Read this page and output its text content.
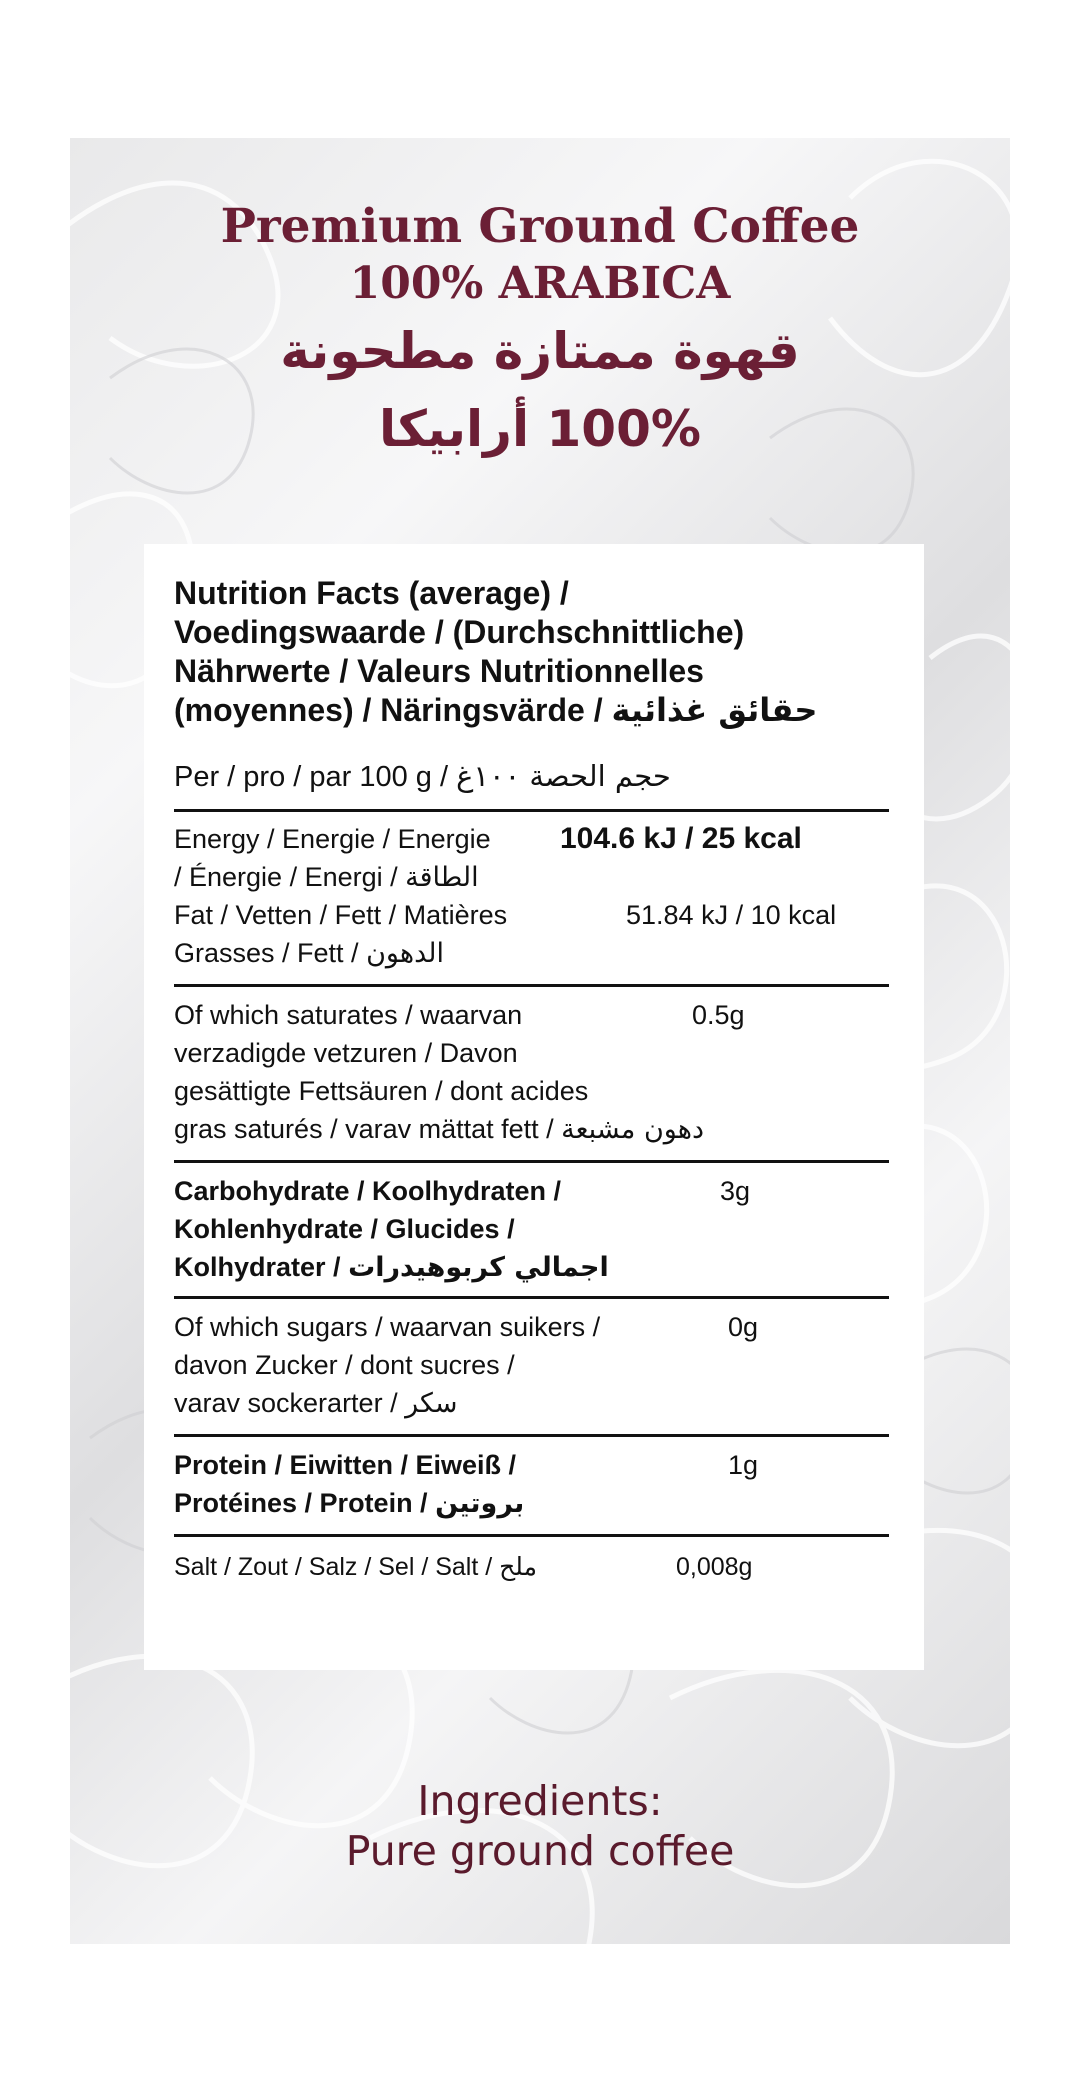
Premium Ground Coffee
100% ARABICA
قهوة ممتازة مطحونة
100% أرابيكا
Nutrition Facts (average) /
Voedingswaarde / (Durchschnittliche)
Nährwerte / Valeurs Nutritionnelles
(moyennes) / Näringsvärde / حقائق غذائية
Per / pro / par 100 g / حجم الحصة ١٠٠غ
Energy / Energie / Energie
/ Énergie / Energi / الطاقة
104.6 kJ / 25 kcal
Fat / Vetten / Fett / Matières
Grasses / Fett / الدهون
51.84 kJ / 10 kcal
Of which saturates / waarvan
verzadigde vetzuren / Davon
gesättigte Fettsäuren / dont acides
gras saturés / varav mättat fett / دهون مشبعة
0.5g
Carbohydrate / Koolhydraten /
Kohlenhydrate / Glucides /
Kolhydrater / اجمالي كربوهيدرات
3g
Of which sugars / waarvan suikers /
davon Zucker / dont sucres /
varav sockerarter / سكر
0g
Protein / Eiwitten / Eiweiß /
Protéines / Protein / بروتين
1g
Salt / Zout / Salz / Sel / Salt / ملح	0,008g
Ingredients:
Pure ground coffee
